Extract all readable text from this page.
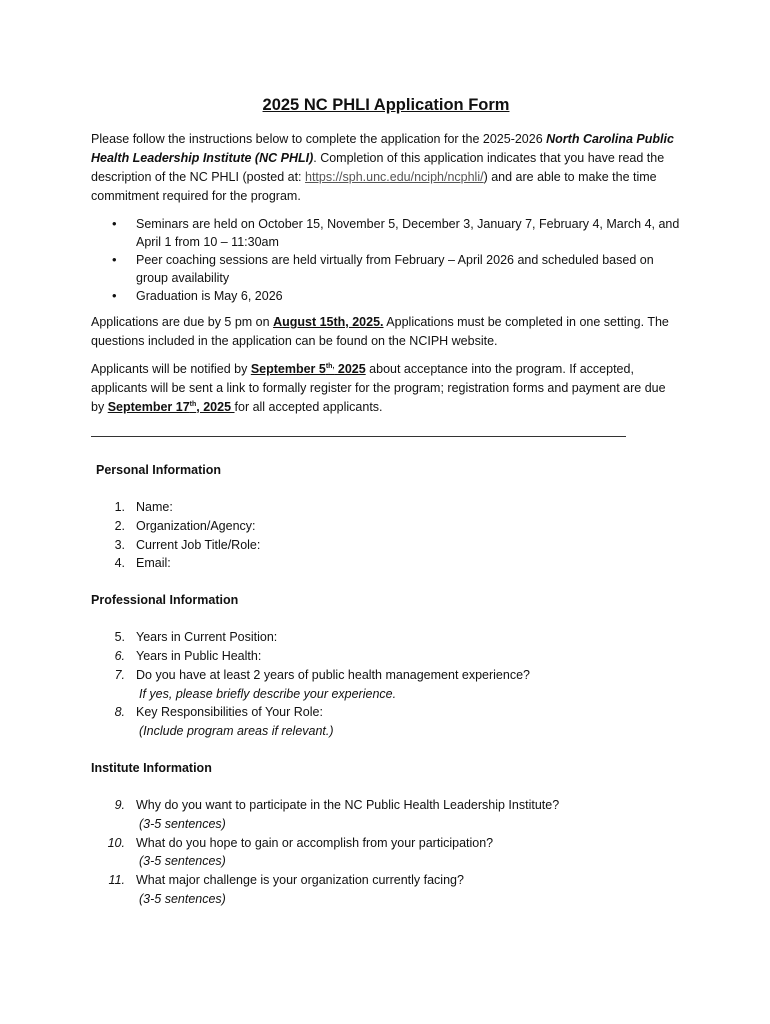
2025 NC PHLI Application Form

Please follow the instructions below to complete the application for the 2025-2026 North Carolina Public Health Leadership Institute (NC PHLI). Completion of this application indicates that you have read the description of the NC PHLI (posted at: https://sph.unc.edu/nciph/ncphli/) and are able to make the time commitment required for the program.

• Seminars are held on October 15, November 5, December 3, January 7, February 4, March 4, and April 1 from 10 – 11:30am
• Peer coaching sessions are held virtually from February – April 2026 and scheduled based on group availability
• Graduation is May 6, 2026

Applications are due by 5 pm on August 15th, 2025. Applications must be completed in one setting. The questions included in the application can be found on the NCIPH website.

Applicants will be notified by September $5^{th,}$ 2025 about acceptance into the program. If accepted, applicants will be sent a link to formally register for the program; registration forms and payment are due by September 17th, 2025 for all accepted applicants.

Personal Information
1. Name:
2. Organization/Agency:
3. Current Job Title/Role:
4. Email:
Professional Information
5. Years in Current Position:
6. Years in Public Health:
7. Do you have at least 2 years of public health management experience?
If yes, please briefly describe your experience.
8. Key Responsibilities of Your Role:
(Include program areas if relevant.)
Institute Information
9. Why do you want to participate in the NC Public Health Leadership Institute?
(3-5 sentences)
10. What do you hope to gain or accomplish from your participation?
(3-5 sentences)
11. What major challenge is your organization currently facing?
(3-5 sentences)
